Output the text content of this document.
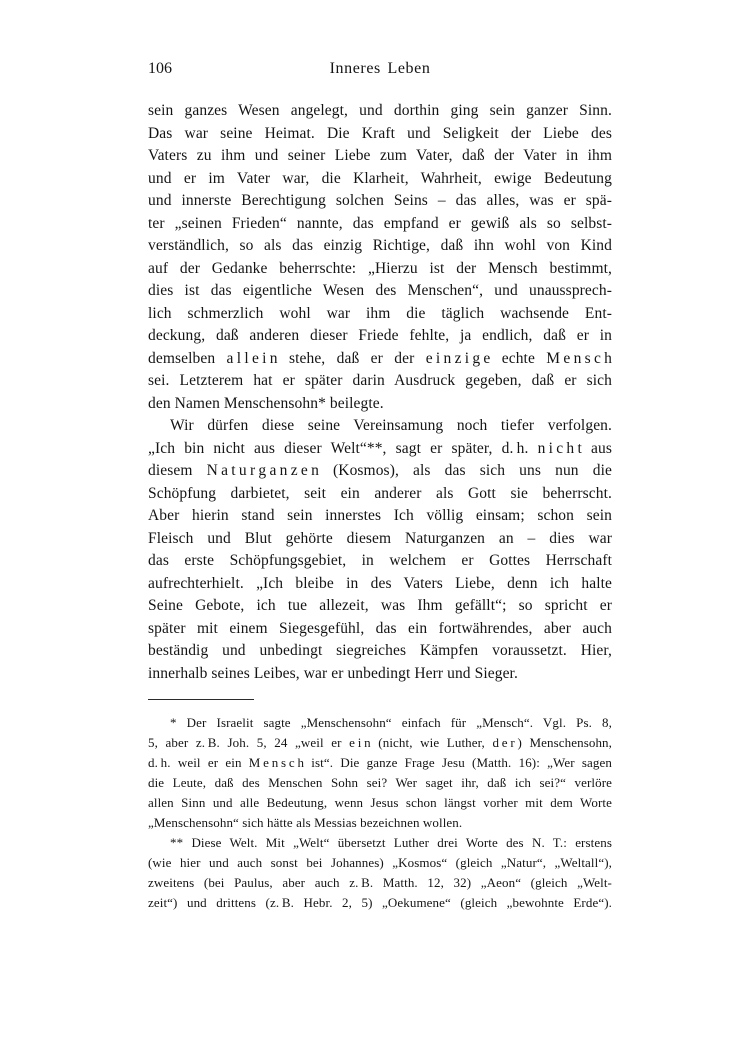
106	Inneres Leben
sein ganzes Wesen angelegt, und dorthin ging sein ganzer Sinn.
Das war seine Heimat. Die Kraft und Seligkeit der Liebe des
Vaters zu ihm und seiner Liebe zum Vater, daß der Vater in ihm
und er im Vater war, die Klarheit, Wahrheit, ewige Bedeutung
und innerste Berechtigung solchen Seins – das alles, was er spä-
ter „seinen Frieden“ nannte, das empfand er gewiß als so selbst-
verständlich, so als das einzig Richtige, daß ihn wohl von Kind
auf der Gedanke beherrschte: „Hierzu ist der Mensch bestimmt,
dies ist das eigentliche Wesen des Menschen“, und unaussprech-
lich schmerzlich wohl war ihm die täglich wachsende Ent-
deckung, daß anderen dieser Friede fehlte, ja endlich, daß er in
demselben a l l e i n stehe, daß er der e i n z i g e echte M e n s c h
sei. Letzterem hat er später darin Ausdruck gegeben, daß er sich
den Namen Menschensohn* beilegte.
Wir dürfen diese seine Vereinsamung noch tiefer verfolgen.
„Ich bin nicht aus dieser Welt“**, sagt er später, d. h. n i c h t aus
diesem N a t u r g a n z e n (Kosmos), als das sich uns nun die
Schöpfung darbietet, seit ein anderer als Gott sie beherrscht.
Aber hierin stand sein innerstes Ich völlig einsam; schon sein
Fleisch und Blut gehörte diesem Naturganzen an – dies war
das erste Schöpfungsgebiet, in welchem er Gottes Herrschaft
aufrechterhielt. „Ich bleibe in des Vaters Liebe, denn ich halte
Seine Gebote, ich tue allezeit, was Ihm gefällt“; so spricht er
später mit einem Siegesgefühl, das ein fortwährendes, aber auch
beständig und unbedingt siegreiches Kämpfen voraussetzt. Hier,
innerhalb seines Leibes, war er unbedingt Herr und Sieger.
* Der Israelit sagte „Menschensohn“ einfach für „Mensch“. Vgl. Ps. 8,
5, aber z. B. Joh. 5, 24 „weil er e i n (nicht, wie Luther, d e r ) Menschensohn,
d. h. weil er ein M e n s c h ist“. Die ganze Frage Jesu (Matth. 16): „Wer sagen
die Leute, daß des Menschen Sohn sei? Wer saget ihr, daß ich sei?“ verlöre
allen Sinn und alle Bedeutung, wenn Jesus schon längst vorher mit dem Worte
„Menschensohn“ sich hätte als Messias bezeichnen wollen.
** Diese Welt. Mit „Welt“ übersetzt Luther drei Worte des N. T.: erstens
(wie hier und auch sonst bei Johannes) „Kosmos“ (gleich „Natur“, „Weltall“),
zweitens (bei Paulus, aber auch z. B. Matth. 12, 32) „Aeon“ (gleich „Welt-
zeit“) und drittens (z. B. Hebr. 2, 5) „Oekumene“ (gleich „bewohnte Erde“).
